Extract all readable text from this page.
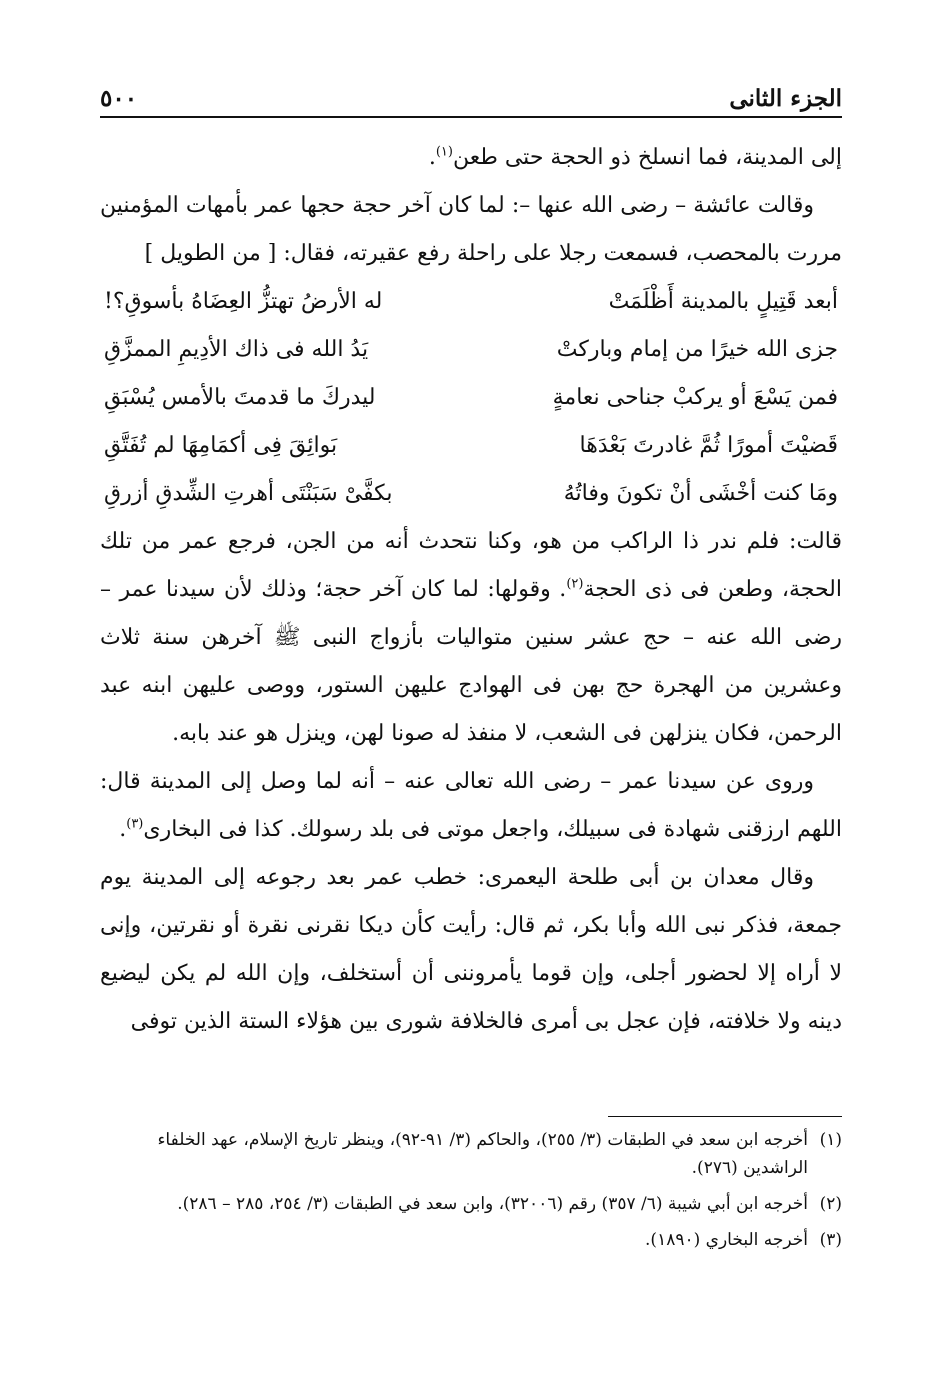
الجزء الثانى
٥٠٠

إلى المدينة، فما انسلخ ذو الحجة حتى طعن$^{(١)}$.

وقالت عائشة – رضى الله عنها –: لما كان آخر حجة حجها عمر بأمهات المؤمنين مررت بالمحصب، فسمعت رجلا على راحلة رفع عقيرته، فقال: [ من الطويل ]

أبعد قَتِيلٍ بالمدينة أَظْلَمَتْ
له الأرضُ تهتزُّ العِضَاهُ بأسوقِ؟!
جزى الله خيرًا من إمام وباركتْ
يَدُ الله فى ذاك الأدِيمِ الممزَّقِ
فمن يَسْعَ أو يركبْ جناحى نعامةٍ
ليدركَ ما قدمتَ بالأمس يُسْبَقِ
قَضيْتَ أمورًا ثُمَّ غادرتَ بَعْدَهَا
بَوائِقَ فِى أكمَامِهَا لم تُفَتَّقِ
ومَا كنت أخْشَى أنْ تكونَ وفاتُهُ
بكفَّىْ سَبَنْتَى أهرتِ الشِّدقِ أزرقِ

قالت: فلم ندر ذا الراكب من هو، وكنا نتحدث أنه من الجن، فرجع عمر من تلك الحجة، وطعن فى ذى الحجة$^{(٢)}$. وقولها: لما كان آخر حجة؛ وذلك لأن سيدنا عمر – رضى الله عنه – حج عشر سنين متواليات بأزواج النبى ﷺ آخرهن سنة ثلاث وعشرين من الهجرة حج بهن فى الهوادج عليهن الستور، ووصى عليهن ابنه عبد الرحمن، فكان ينزلهن فى الشعب، لا منفذ له صونا لهن، وينزل هو عند بابه.

وروى عن سيدنا عمر – رضى الله تعالى عنه – أنه لما وصل إلى المدينة قال: اللهم ارزقنى شهادة فى سبيلك، واجعل موتى فى بلد رسولك. كذا فى البخارى$^{(٣)}$.

وقال معدان بن أبى طلحة اليعمرى: خطب عمر بعد رجوعه إلى المدينة يوم جمعة، فذكر نبى الله وأبا بكر، ثم قال: رأيت كأن ديكا نقرنى نقرة أو نقرتين، وإنى لا أراه إلا لحضور أجلى، وإن قوما يأمروننى أن أستخلف، وإن الله لم يكن ليضيع دينه ولا خلافته، فإن عجل بى أمرى فالخلافة شورى بين هؤلاء الستة الذين توفى

(١)
أخرجه ابن سعد في الطبقات (٣/ ٢٥٥)، والحاكم (٣/ ٩١-٩٢)، وينظر تاريخ الإسلام، عهد الخلفاء الراشدين (٢٧٦).
(٢)
أخرجه ابن أبي شيبة (٦/ ٣٥٧) رقم (٣٢٠٠٦)، وابن سعد في الطبقات (٣/ ٢٥٤، ٢٨٥ – ٢٨٦).
(٣)
أخرجه البخاري (١٨٩٠).
